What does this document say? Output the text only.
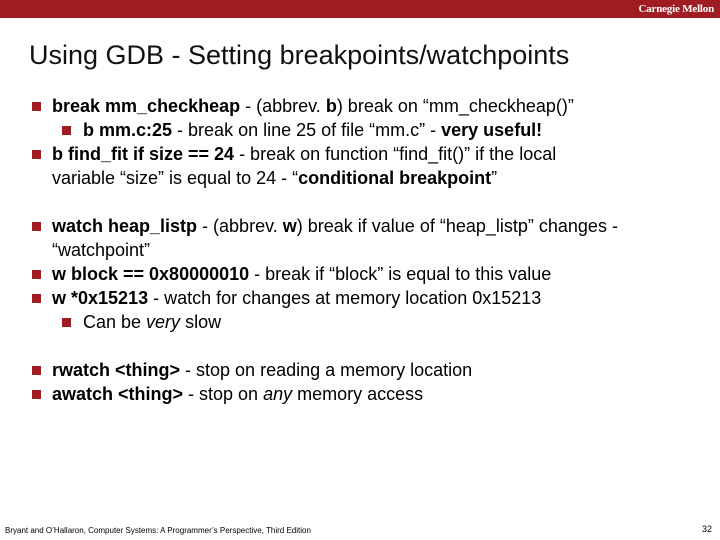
Carnegie Mellon
Using GDB - Setting breakpoints/watchpoints
break mm_checkheap - (abbrev. b) break on “mm_checkheap()”
b mm.c:25 - break on line 25 of file “mm.c” - very useful!
b find_fit if size == 24 - break on function “find_fit()” if the local
variable “size” is equal to 24 - “conditional breakpoint”
watch heap_listp - (abbrev. w) break if value of “heap_listp” changes -
“watchpoint”
w block == 0x80000010 - break if “block” is equal to this value
w *0x15213 - watch for changes at memory location 0x15213
Can be very slow
rwatch <thing> - stop on reading a memory location
awatch <thing> - stop on any memory access
Bryant and O’Hallaron, Computer Systems: A Programmer’s Perspective, Third Edition	32
